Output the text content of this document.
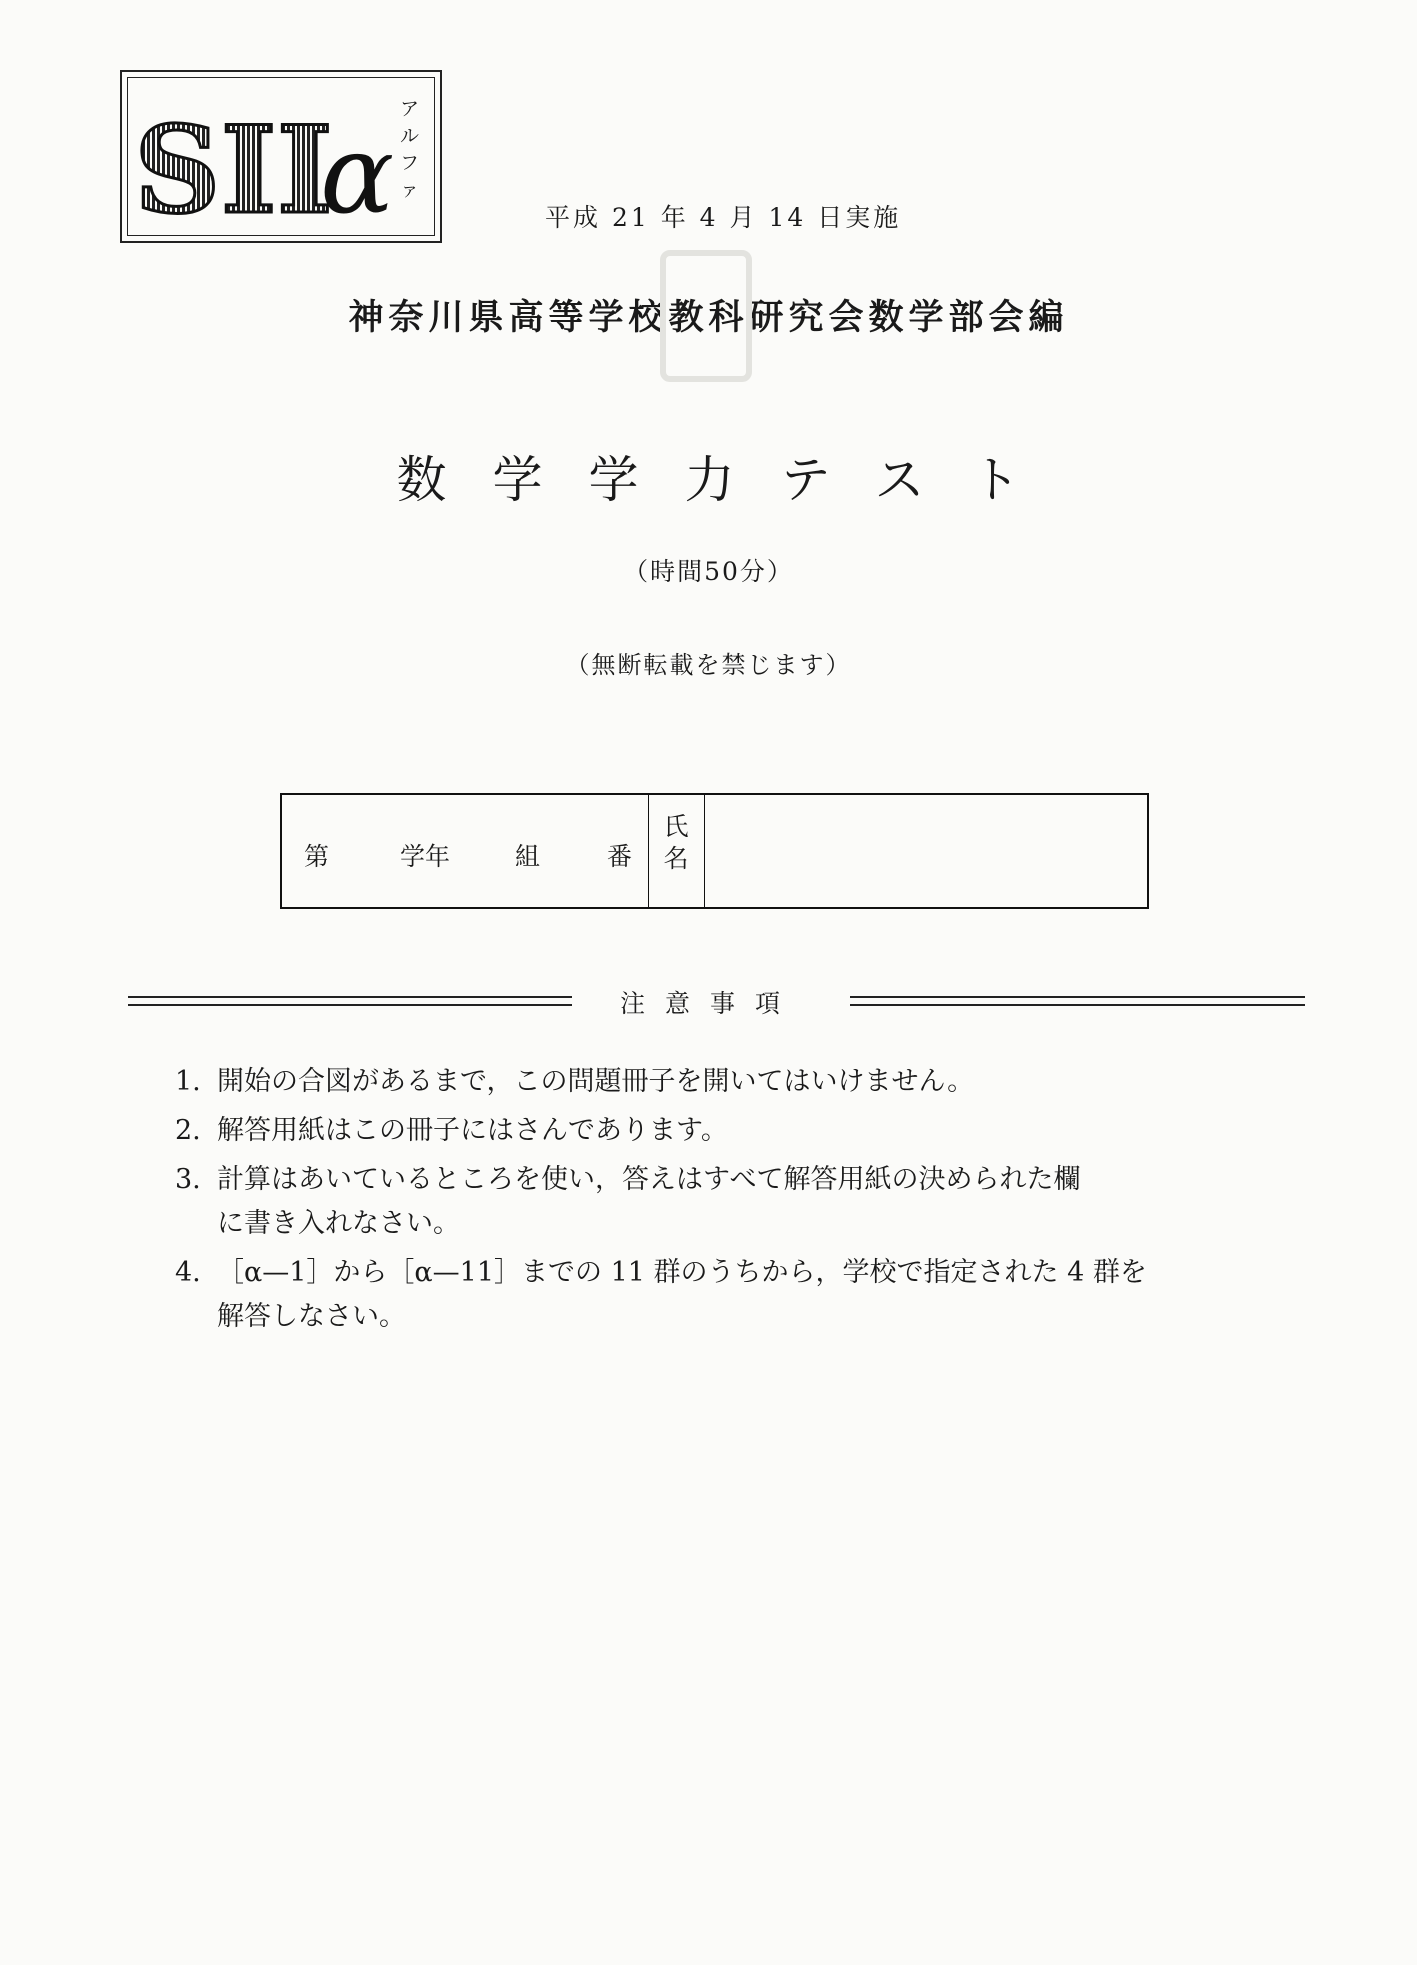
SII
α
アルファ
平成 21 年 4 月 14 日実施
神奈川県高等学校教科研究会数学部会編
数学学力テスト
（時間50分）
（無断転載を禁じます）
第	学年	組	番
氏
名
注意事項
1. 開始の合図があるまで，この問題冊子を開いてはいけません。
2. 解答用紙はこの冊子にはさんであります。
3. 計算はあいているところを使い，答えはすべて解答用紙の決められた欄
に書き入れなさい。
4. ［α—1］から［α—11］までの 11 群のうちから，学校で指定された 4 群を
解答しなさい。
